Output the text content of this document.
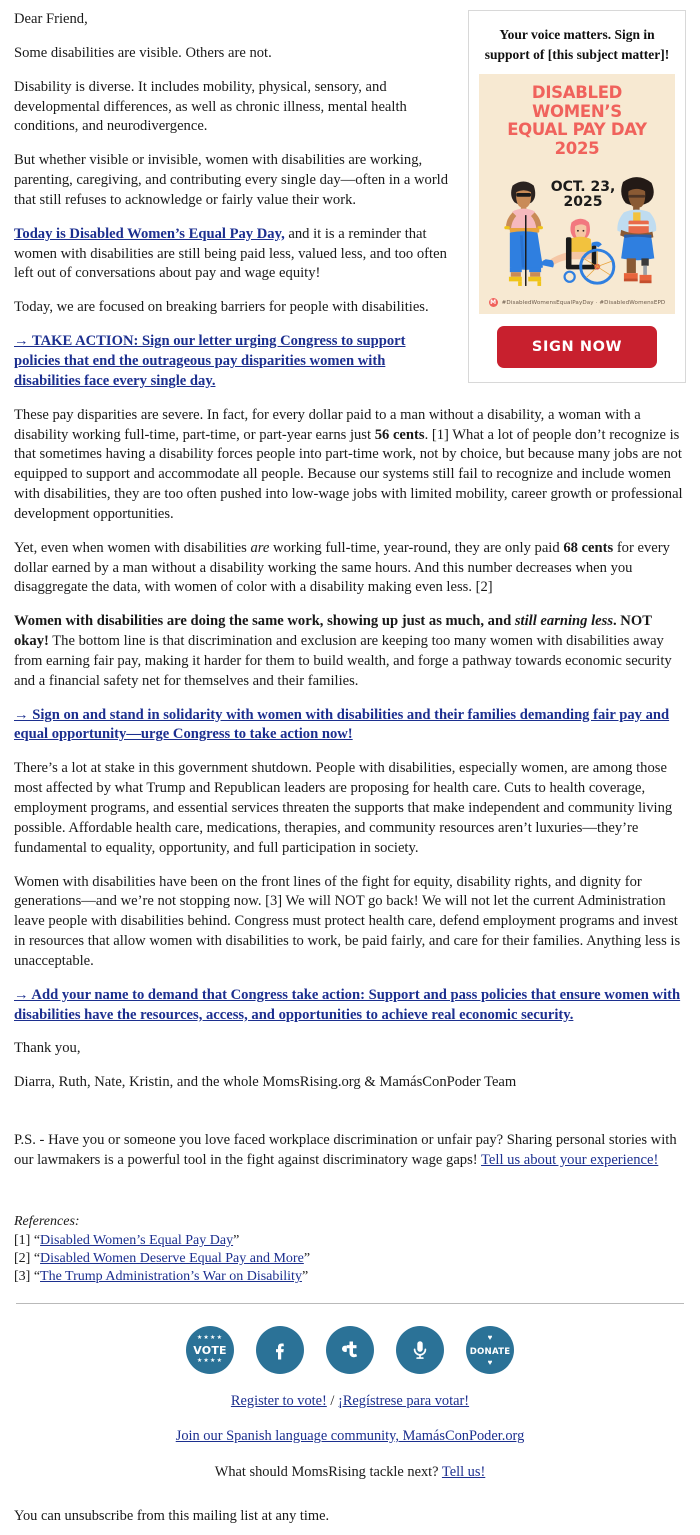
Your voice matters. Sign in support of [this subject matter]!
DISABLED WOMEN’S
EQUAL PAY DAY 2025
OCT. 23,
2025
M #DisabledWomensEqualPayDay · #DisabledWomensEPD
SIGN NOW

Dear Friend,

Some disabilities are visible. Others are not.

Disability is diverse. It includes mobility, physical, sensory, and developmental differences, as well as chronic illness, mental health conditions, and neurodivergence.

But whether visible or invisible, women with disabilities are working, parenting, caregiving, and contributing every single day—often in a world that still refuses to acknowledge or fairly value their work.

Today is Disabled Women’s Equal Pay Day, and it is a reminder that women with disabilities are still being paid less, valued less, and too often left out of conversations about pay and wage equity!

Today, we are focused on breaking barriers for people with disabilities.

→ TAKE ACTION: Sign our letter urging Congress to support policies that end the outrageous pay disparities women with disabilities face every single day.

These pay disparities are severe. In fact, for every dollar paid to a man without a disability, a woman with a disability working full-time, part-time, or part-year earns just 56 cents. [1] What a lot of people don’t recognize is that sometimes having a disability forces people into part-time work, not by choice, but because many jobs are not equipped to support and accommodate all people. Because our systems still fail to recognize and include women with disabilities, they are too often pushed into low-wage jobs with limited mobility, career growth or professional development opportunities.

Yet, even when women with disabilities are working full-time, year-round, they are only paid 68 cents for every dollar earned by a man without a disability working the same hours. And this number decreases when you disaggregate the data, with women of color with a disability making even less. [2]

Women with disabilities are doing the same work, showing up just as much, and still earning less. NOT okay! The bottom line is that discrimination and exclusion are keeping too many women with disabilities away from earning fair pay, making it harder for them to build wealth, and forge a pathway towards economic security and a financial safety net for themselves and their families.

→ Sign on and stand in solidarity with women with disabilities and their families demanding fair pay and equal opportunity—urge Congress to take action now!

There’s a lot at stake in this government shutdown. People with disabilities, especially women, are among those most affected by what Trump and Republican leaders are proposing for health care. Cuts to health coverage, employment programs, and essential services threaten the supports that make independent and community living possible. Affordable health care, medications, therapies, and community resources aren’t luxuries—they’re fundamental to equality, opportunity, and full participation in society.

Women with disabilities have been on the front lines of the fight for equity, disability rights, and dignity for generations—and we’re not stopping now. [3] We will NOT go back! We will not let the current Administration leave people with disabilities behind. Congress must protect health care, defend employment programs and invest in resources that allow women with disabilities to work, be paid fairly, and care for their families. Anything less is unacceptable.

→ Add your name to demand that Congress take action: Support and pass policies that ensure women with disabilities have the resources, access, and opportunities to achieve real economic security.

Thank you,

Diarra, Ruth, Nate, Kristin, and the whole MomsRising.org & MamásConPoder Team

P.S. - Have you or someone you love faced workplace discrimination or unfair pay? Sharing personal stories with our lawmakers is a powerful tool in the fight against discriminatory wage gaps! Tell us about your experience!

References:
[1] “Disabled Women’s Equal Pay Day”
[2] “Disabled Women Deserve Equal Pay and More”
[3] “The Trump Administration’s War on Disability”
★★★★
VOTE
★★★★
♥
DONATE
♥
Register to vote! / ¡Regístrese para votar!
Join our Spanish language community, MamásConPoder.org
What should MomsRising tackle next? Tell us!
You can unsubscribe from this mailing list at any time.
